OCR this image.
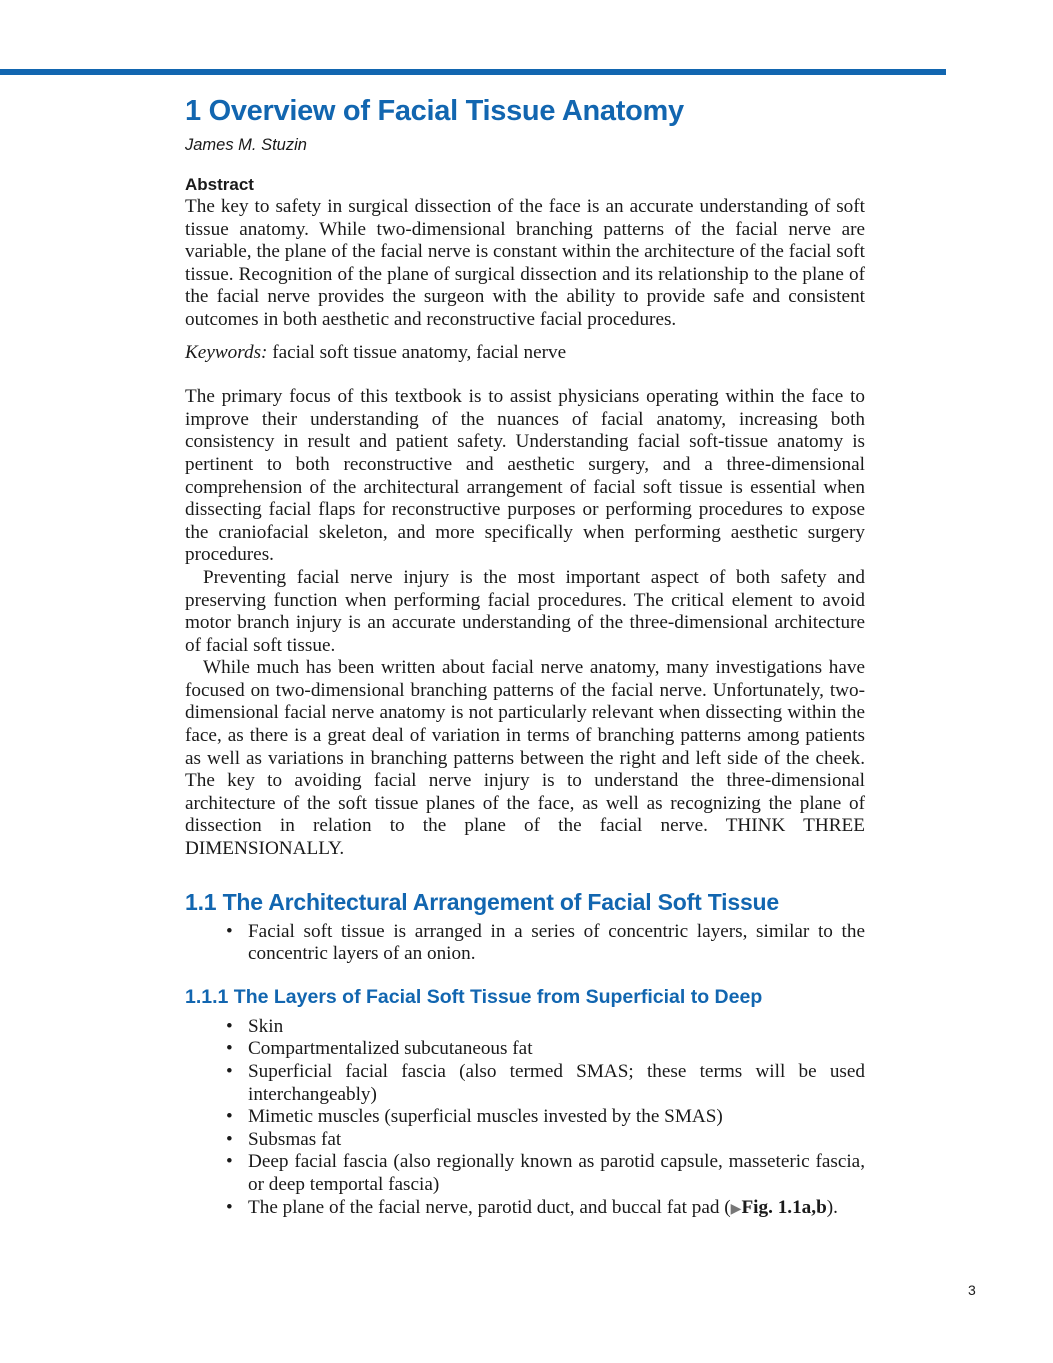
1 Overview of Facial Tissue Anatomy
James M. Stuzin
Abstract

The key to safety in surgical dissection of the face is an accurate understanding of soft tissue anatomy. While two-dimensional branching patterns of the facial nerve are variable, the plane of the facial nerve is constant within the architecture of the facial soft tissue. Recognition of the plane of surgical dissection and its relationship to the plane of the facial nerve provides the surgeon with the ability to provide safe and consistent outcomes in both aesthetic and reconstructive facial procedures.

Keywords: facial soft tissue anatomy, facial nerve

The primary focus of this textbook is to assist physicians operating within the face to improve their understanding of the nuances of facial anatomy, increasing both consistency in result and patient safety. Understanding facial soft-tissue anatomy is pertinent to both reconstructive and aesthetic surgery, and a three-dimensional comprehension of the architectural arrangement of facial soft tissue is essential when dissecting facial flaps for reconstructive purposes or performing procedures to expose the craniofacial skeleton, and more specifically when performing aesthetic surgery procedures.

Preventing facial nerve injury is the most important aspect of both safety and preserving function when performing facial procedures. The critical element to avoid motor branch injury is an accurate understanding of the three-dimensional architecture of facial soft tissue.

While much has been written about facial nerve anatomy, many investigations have focused on two-dimensional branching patterns of the facial nerve. Unfortunately, two-dimensional facial nerve anatomy is not particularly relevant when dissecting within the face, as there is a great deal of variation in terms of branching patterns among patients as well as variations in branching patterns between the right and left side of the cheek. The key to avoiding facial nerve injury is to understand the three-dimensional architecture of the soft tissue planes of the face, as well as recognizing the plane of dissection in relation to the plane of the facial nerve. THINK THREE DIMENSIONALLY.

1.1 The Architectural Arrangement of Facial Soft Tissue
• Facial soft tissue is arranged in a series of concentric layers, similar to the concentric layers of an onion.
1.1.1 The Layers of Facial Soft Tissue from Superficial to Deep
• Skin
• Compartmentalized subcutaneous fat
• Superficial facial fascia (also termed SMAS; these terms will be used interchangeably)
• Mimetic muscles (superficial muscles invested by the SMAS)
• Subsmas fat
• Deep facial fascia (also regionally known as parotid capsule, masseteric fascia, or deep temportal fascia)
• The plane of the facial nerve, parotid duct, and buccal fat pad (▶Fig. 1.1a,b).
3
